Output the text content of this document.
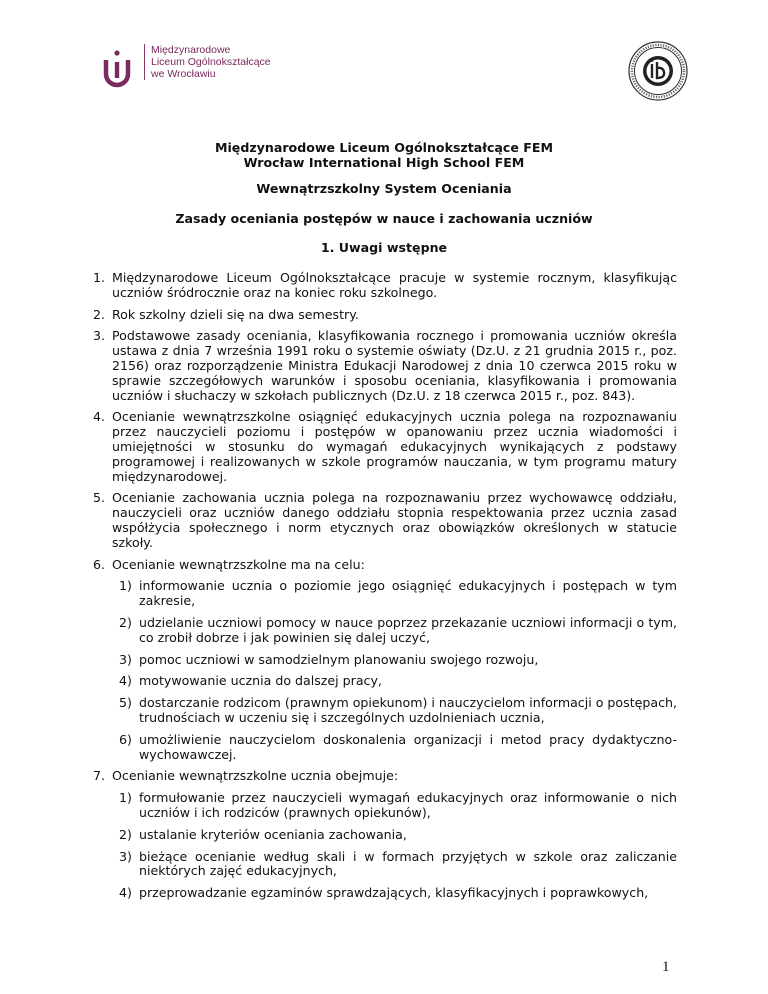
Międzynarodowe
Liceum Ogólnokształcące
we Wrocławiu
Międzynarodowe Liceum Ogólnokształcące FEM
Wrocław International High School FEM
Wewnątrzszkolny System Oceniania
Zasady oceniania postępów w nauce i zachowania uczniów
1. Uwagi wstępne
1. Międzynarodowe Liceum Ogólnokształcące pracuje w systemie rocznym, klasyfikując uczniów śródrocznie oraz na koniec roku szkolnego.
2. Rok szkolny dzieli się na dwa semestry.
3. Podstawowe zasady oceniania, klasyfikowania rocznego i promowania uczniów określa ustawa z dnia 7 września 1991 roku o systemie oświaty (Dz.U. z 21 grudnia 2015 r., poz. 2156) oraz rozporządzenie Ministra Edukacji Narodowej z dnia 10 czerwca 2015 roku w sprawie szczegółowych warunków i sposobu oceniania, klasyfikowania i promowania uczniów i słuchaczy w szkołach publicznych (Dz.U. z 18 czerwca 2015 r., poz. 843).
4. Ocenianie wewnątrzszkolne osiągnięć edukacyjnych ucznia polega na rozpoznawaniu przez nauczycieli poziomu i postępów w opanowaniu przez ucznia wiadomości i umiejętności w stosunku do wymagań edukacyjnych wynikających z podstawy programowej i realizowanych w szkole programów nauczania, w tym programu matury międzynarodowej.
5. Ocenianie zachowania ucznia polega na rozpoznawaniu przez wychowawcę oddziału, nauczycieli oraz uczniów danego oddziału stopnia respektowania przez ucznia zasad współżycia społecznego i norm etycznych oraz obowiązków określonych w statucie szkoły.
6. Ocenianie wewnątrzszkolne ma na celu:
1) informowanie ucznia o poziomie jego osiągnięć edukacyjnych i postępach w tym zakresie,
2) udzielanie uczniowi pomocy w nauce poprzez przekazanie uczniowi informacji o tym, co zrobił dobrze i jak powinien się dalej uczyć,
3) pomoc uczniowi w samodzielnym planowaniu swojego rozwoju,
4) motywowanie ucznia do dalszej pracy,
5) dostarczanie rodzicom (prawnym opiekunom) i nauczycielom informacji o postępach, trudnościach w uczeniu się i szczególnych uzdolnieniach ucznia,
6) umożliwienie nauczycielom doskonalenia organizacji i metod pracy dydaktyczno-wychowawczej.
7. Ocenianie wewnątrzszkolne ucznia obejmuje:
1) formułowanie przez nauczycieli wymagań edukacyjnych oraz informowanie o nich uczniów i ich rodziców (prawnych opiekunów),
2) ustalanie kryteriów oceniania zachowania,
3) bieżące ocenianie według skali i w formach przyjętych w szkole oraz zaliczanie niektórych zajęć edukacyjnych,
4) przeprowadzanie egzaminów sprawdzających, klasyfikacyjnych i poprawkowych,
1
